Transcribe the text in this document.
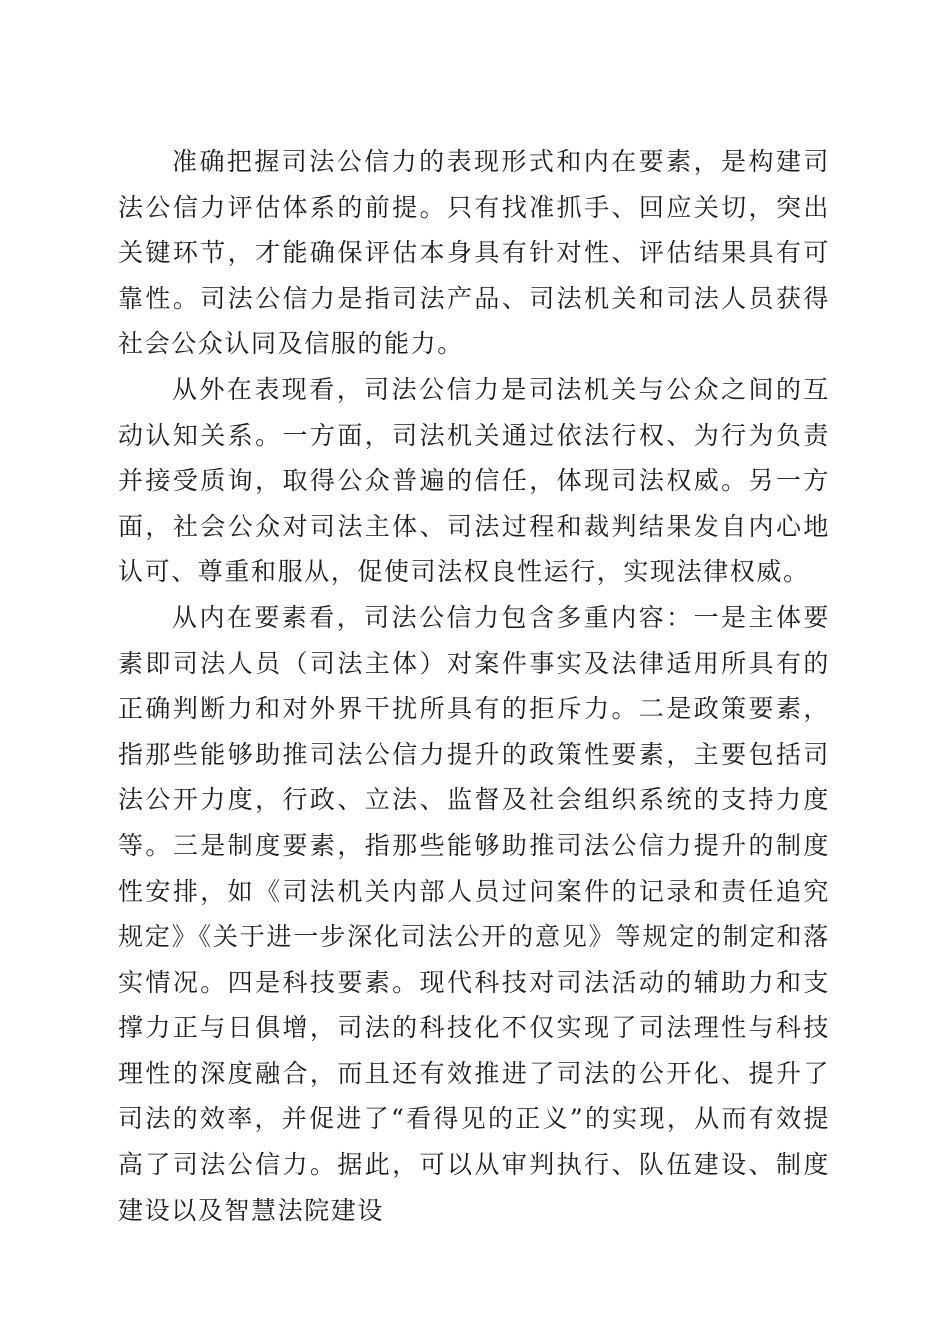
准确把握司法公信力的表现形式和内在要素，是构建司法公信力评估体系的前提。只有找准抓手、回应关切，突出关键环节，才能确保评估本身具有针对性、评估结果具有可靠性。司法公信力是指司法产品、司法机关和司法人员获得社会公众认同及信服的能力。

从外在表现看，司法公信力是司法机关与公众之间的互动认知关系。一方面，司法机关通过依法行权、为行为负责并接受质询，取得公众普遍的信任，体现司法权威。另一方面，社会公众对司法主体、司法过程和裁判结果发自内心地认可、尊重和服从，促使司法权良性运行，实现法律权威。

从内在要素看，司法公信力包含多重内容：一是主体要素即司法人员（司法主体）对案件事实及法律适用所具有的正确判断力和对外界干扰所具有的拒斥力。二是政策要素，指那些能够助推司法公信力提升的政策性要素，主要包括司法公开力度，行政、立法、监督及社会组织系统的支持力度等。三是制度要素，指那些能够助推司法公信力提升的制度性安排，如《司法机关内部人员过问案件的记录和责任追究规定》《关于进一步深化司法公开的意见》等规定的制定和落实情况。四是科技要素。现代科技对司法活动的辅助力和支撑力正与日俱增，司法的科技化不仅实现了司法理性与科技理性的深度融合，而且还有效推进了司法的公开化、提升了司法的效率，并促进了“看得见的正义”的实现，从而有效提高了司法公信力。据此，可以从审判执行、队伍建设、制度建设以及智慧法院建设
